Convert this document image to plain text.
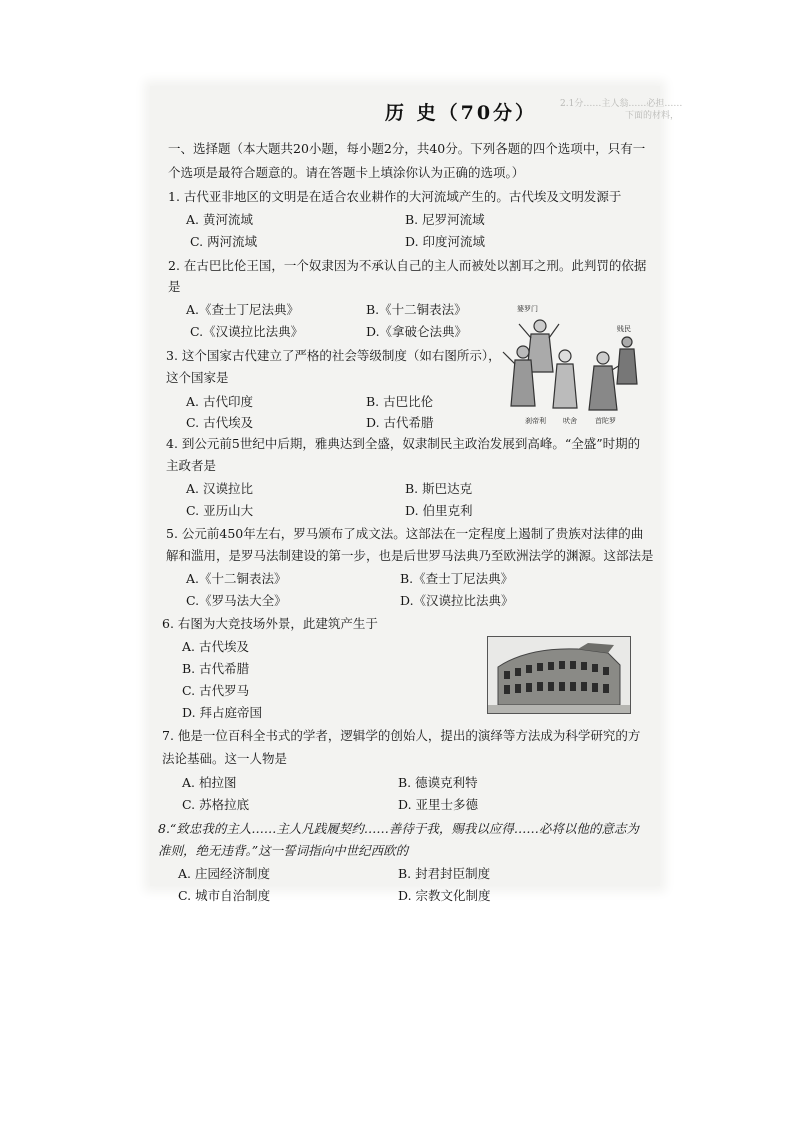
2.1分……主人翁……必担……
下面的材料，
历 史（70分）
一、选择题（本大题共20小题，每小题2分，共40分。下列各题的四个选项中，只有一
个选项是最符合题意的。请在答题卡上填涂你认为正确的选项。）
1. 古代亚非地区的文明是在适合农业耕作的大河流域产生的。古代埃及文明发源于
A. 黄河流域	B. 尼罗河流域
C. 两河流域	D. 印度河流域
2. 在古巴比伦王国，一个奴隶因为不承认自己的主人而被处以割耳之刑。此判罚的依据
是
A.《查士丁尼法典》	B.《十二铜表法》
C.《汉谟拉比法典》	D.《拿破仑法典》
3. 这个国家古代建立了严格的社会等级制度（如右图所示），
这个国家是
A. 古代印度	B. 古巴比伦
C. 古代埃及	D. 古代希腊
婆罗门
贱民
刹帝利 吠舍	首陀罗
4. 到公元前5世纪中后期，雅典达到全盛，奴隶制民主政治发展到高峰。“全盛”时期的
主政者是
A. 汉谟拉比	B. 斯巴达克
C. 亚历山大	D. 伯里克利
5. 公元前450年左右，罗马颁布了成文法。这部法在一定程度上遏制了贵族对法律的曲
解和滥用，是罗马法制建设的第一步，也是后世罗马法典乃至欧洲法学的渊源。这部法是
A.《十二铜表法》	B.《查士丁尼法典》
C.《罗马法大全》	D.《汉谟拉比法典》
6. 右图为大竞技场外景，此建筑产生于
A. 古代埃及
B. 古代希腊
C. 古代罗马
D. 拜占庭帝国
7. 他是一位百科全书式的学者，逻辑学的创始人，提出的演绎等方法成为科学研究的方
法论基础。这一人物是
A. 柏拉图	B. 德谟克利特
C. 苏格拉底	D. 亚里士多德
8.“致忠我的主人……主人凡践履契约……善待于我，赐我以应得……必将以他的意志为
准则，绝无违背。”这一誓词指向中世纪西欧的
A. 庄园经济制度	B. 封君封臣制度
C. 城市自治制度	D. 宗教文化制度
